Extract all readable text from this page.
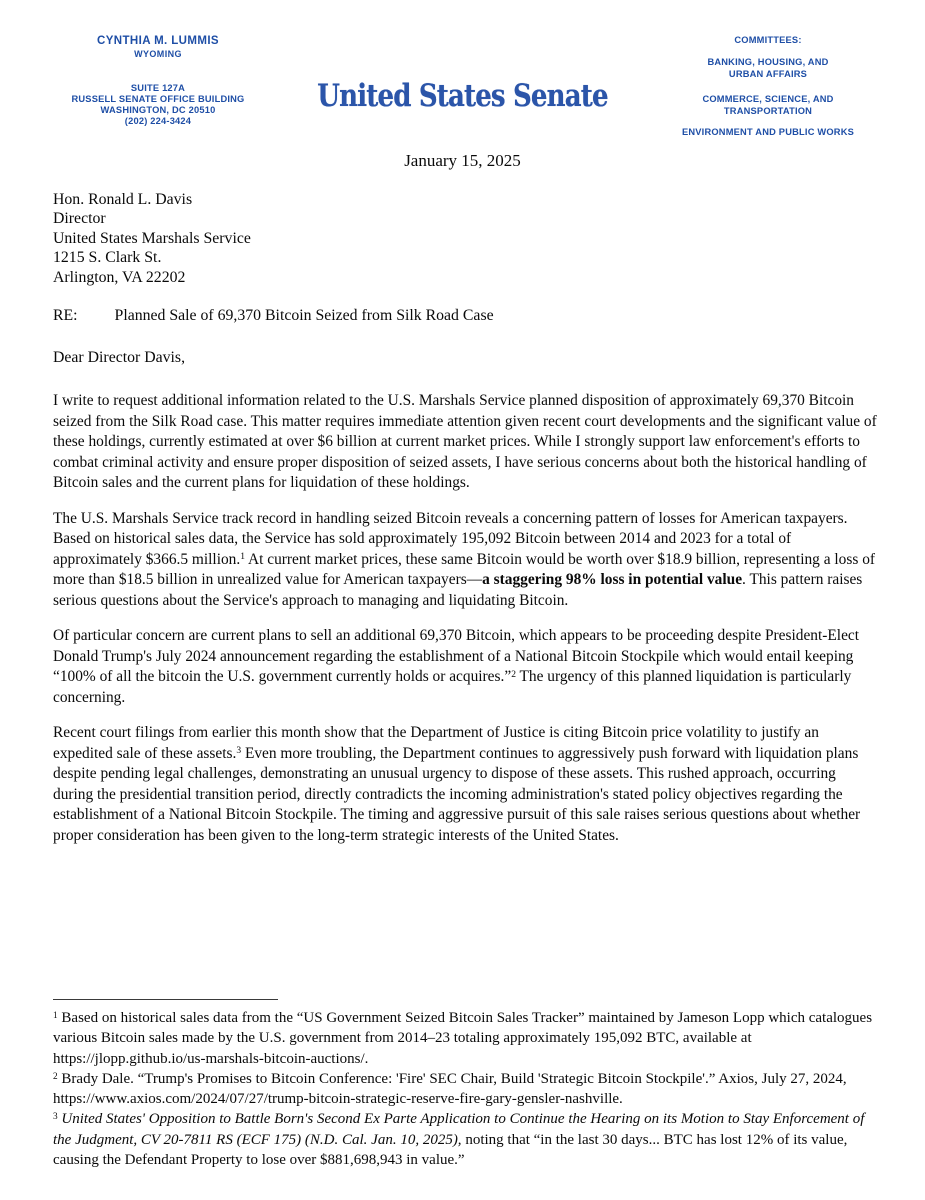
CYNTHIA M. LUMMIS
WYOMING
SUITE 127A
RUSSELL SENATE OFFICE BUILDING
WASHINGTON, DC 20510
(202) 224-3424
United States Senate
COMMITTEES:
BANKING, HOUSING, AND
URBAN AFFAIRS
COMMERCE, SCIENCE, AND
TRANSPORTATION
ENVIRONMENT AND PUBLIC WORKS
January 15, 2025

Hon. Ronald L. Davis

Director

United States Marshals Service

1215 S. Clark St.

Arlington, VA 22202

RE: Planned Sale of 69,370 Bitcoin Seized from Silk Road Case
Dear Director Davis,

I write to request additional information related to the U.S. Marshals Service planned disposition of approximately 69,370 Bitcoin seized from the Silk Road case. This matter requires immediate attention given recent court developments and the significant value of these holdings, currently estimated at over $6 billion at current market prices. While I strongly support law enforcement's efforts to combat criminal activity and ensure proper disposition of seized assets, I have serious concerns about both the historical handling of Bitcoin sales and the current plans for liquidation of these holdings.

The U.S. Marshals Service track record in handling seized Bitcoin reveals a concerning pattern of losses for American taxpayers. Based on historical sales data, the Service has sold approximately 195,092 Bitcoin between 2014 and 2023 for a total of approximately $366.5 million.$^1$ At current market prices, these same Bitcoin would be worth over $18.9 billion, representing a loss of more than $18.5 billion in unrealized value for American taxpayers—a staggering 98% loss in potential value. This pattern raises serious questions about the Service's approach to managing and liquidating Bitcoin.

Of particular concern are current plans to sell an additional 69,370 Bitcoin, which appears to be proceeding despite President-Elect Donald Trump's July 2024 announcement regarding the establishment of a National Bitcoin Stockpile which would entail keeping “100% of all the bitcoin the U.S. government currently holds or acquires.”$^2$ The urgency of this planned liquidation is particularly concerning.

Recent court filings from earlier this month show that the Department of Justice is citing Bitcoin price volatility to justify an expedited sale of these assets.$^3$ Even more troubling, the Department continues to aggressively push forward with liquidation plans despite pending legal challenges, demonstrating an unusual urgency to dispose of these assets. This rushed approach, occurring during the presidential transition period, directly contradicts the incoming administration's stated policy objectives regarding the establishment of a National Bitcoin Stockpile. The timing and aggressive pursuit of this sale raises serious questions about whether proper consideration has been given to the long-term strategic interests of the United States.

$^1$ Based on historical sales data from the “US Government Seized Bitcoin Sales Tracker” maintained by Jameson Lopp which catalogues various Bitcoin sales made by the U.S. government from 2014–23 totaling approximately 195,092 BTC, available at https://jlopp.github.io/us-marshals-bitcoin-auctions/.

$^2$ Brady Dale. “Trump's Promises to Bitcoin Conference: 'Fire' SEC Chair, Build 'Strategic Bitcoin Stockpile'.” Axios, July 27, 2024, https://www.axios.com/2024/07/27/trump-bitcoin-strategic-reserve-fire-gary-gensler-nashville.

$^3$ United States' Opposition to Battle Born's Second Ex Parte Application to Continue the Hearing on its Motion to Stay Enforcement of the Judgment, CV 20-7811 RS (ECF 175) (N.D. Cal. Jan. 10, 2025), noting that “in the last 30 days... BTC has lost 12% of its value, causing the Defendant Property to lose over $881,698,943 in value.”
